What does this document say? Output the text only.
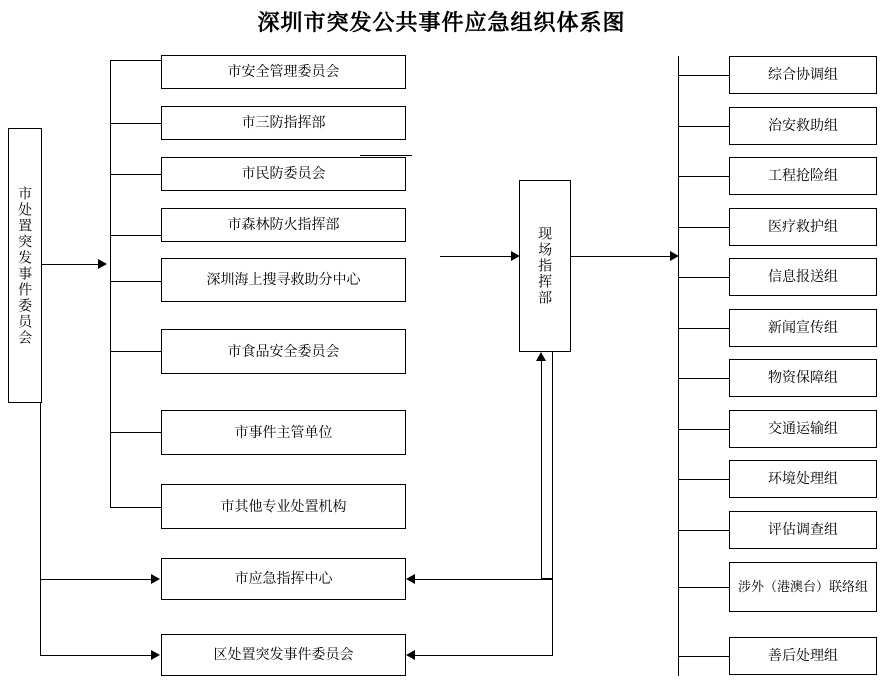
深圳市突发公共事件应急组织体系图
市处置突发事件委员会
市安全管理委员会
市三防指挥部
市民防委员会
市森林防火指挥部
深圳海上搜寻救助分中心
市食品安全委员会
市事件主管单位
市其他专业处置机构
现场指挥部
综合协调组
治安救助组
工程抢险组
医疗救护组
信息报送组
新闻宣传组
物资保障组
交通运输组
环境处理组
评估调查组
涉外（港澳台）联络组
善后处理组
市应急指挥中心
区处置突发事件委员会
